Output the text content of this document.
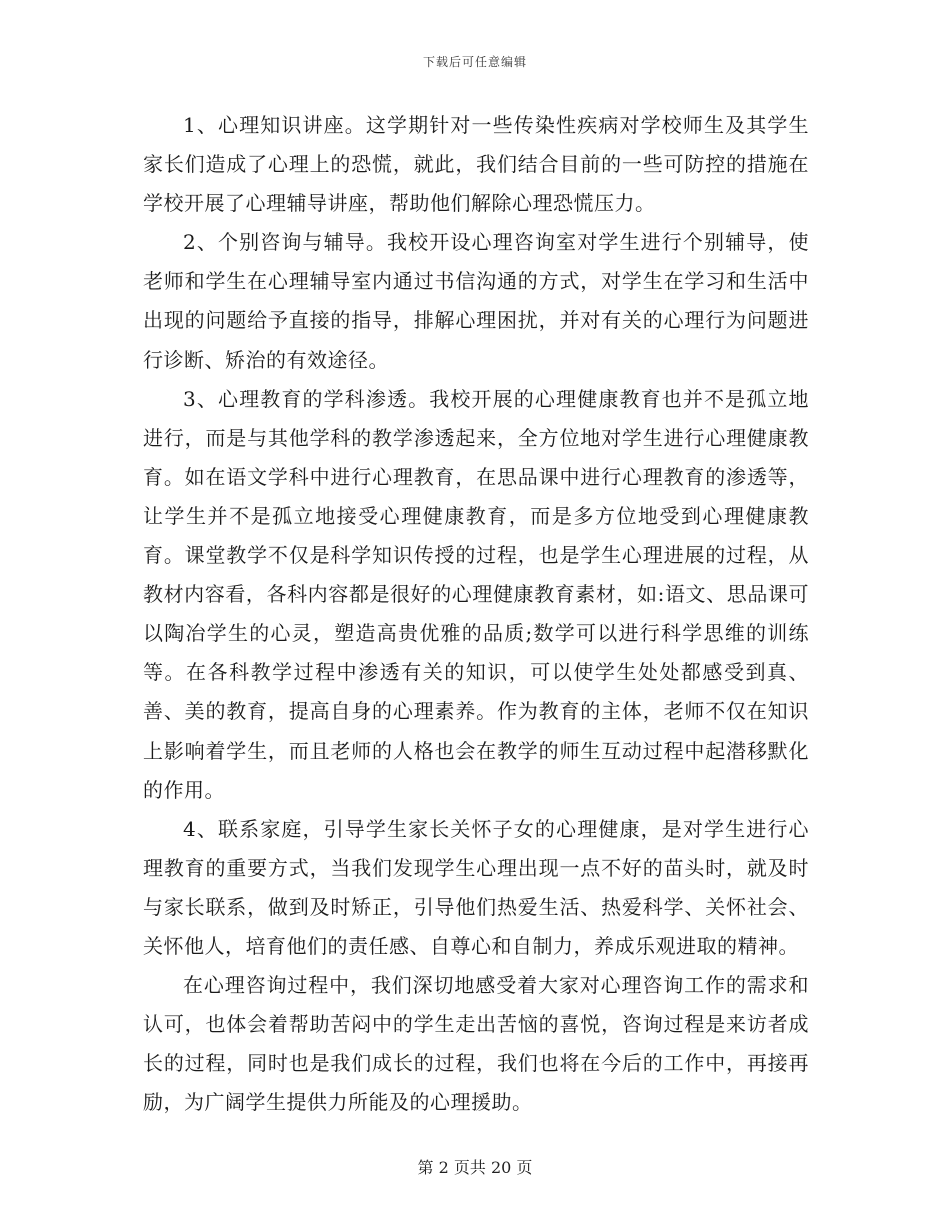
下载后可任意编辑

1、心理知识讲座。这学期针对一些传染性疾病对学校师生及其学生家长们造成了心理上的恐慌，就此，我们结合目前的一些可防控的措施在学校开展了心理辅导讲座，帮助他们解除心理恐慌压力。

2、个别咨询与辅导。我校开设心理咨询室对学生进行个别辅导，使老师和学生在心理辅导室内通过书信沟通的方式，对学生在学习和生活中出现的问题给予直接的指导，排解心理困扰，并对有关的心理行为问题进行诊断、矫治的有效途径。

3、心理教育的学科渗透。我校开展的心理健康教育也并不是孤立地进行，而是与其他学科的教学渗透起来，全方位地对学生进行心理健康教育。如在语文学科中进行心理教育，在思品课中进行心理教育的渗透等，让学生并不是孤立地接受心理健康教育，而是多方位地受到心理健康教育。课堂教学不仅是科学知识传授的过程，也是学生心理进展的过程，从教材内容看，各科内容都是很好的心理健康教育素材，如:语文、思品课可以陶冶学生的心灵，塑造高贵优雅的品质;数学可以进行科学思维的训练等。在各科教学过程中渗透有关的知识，可以使学生处处都感受到真、善、美的教育，提高自身的心理素养。作为教育的主体，老师不仅在知识上影响着学生，而且老师的人格也会在教学的师生互动过程中起潜移默化的作用。

4、联系家庭，引导学生家长关怀子女的心理健康，是对学生进行心理教育的重要方式，当我们发现学生心理出现一点不好的苗头时，就及时与家长联系，做到及时矫正，引导他们热爱生活、热爱科学、关怀社会、关怀他人，培育他们的责任感、自尊心和自制力，养成乐观进取的精神。

在心理咨询过程中，我们深切地感受着大家对心理咨询工作的需求和认可，也体会着帮助苦闷中的学生走出苦恼的喜悦，咨询过程是来访者成长的过程，同时也是我们成长的过程，我们也将在今后的工作中，再接再励，为广阔学生提供力所能及的心理援助。

第 2 页共 20 页
